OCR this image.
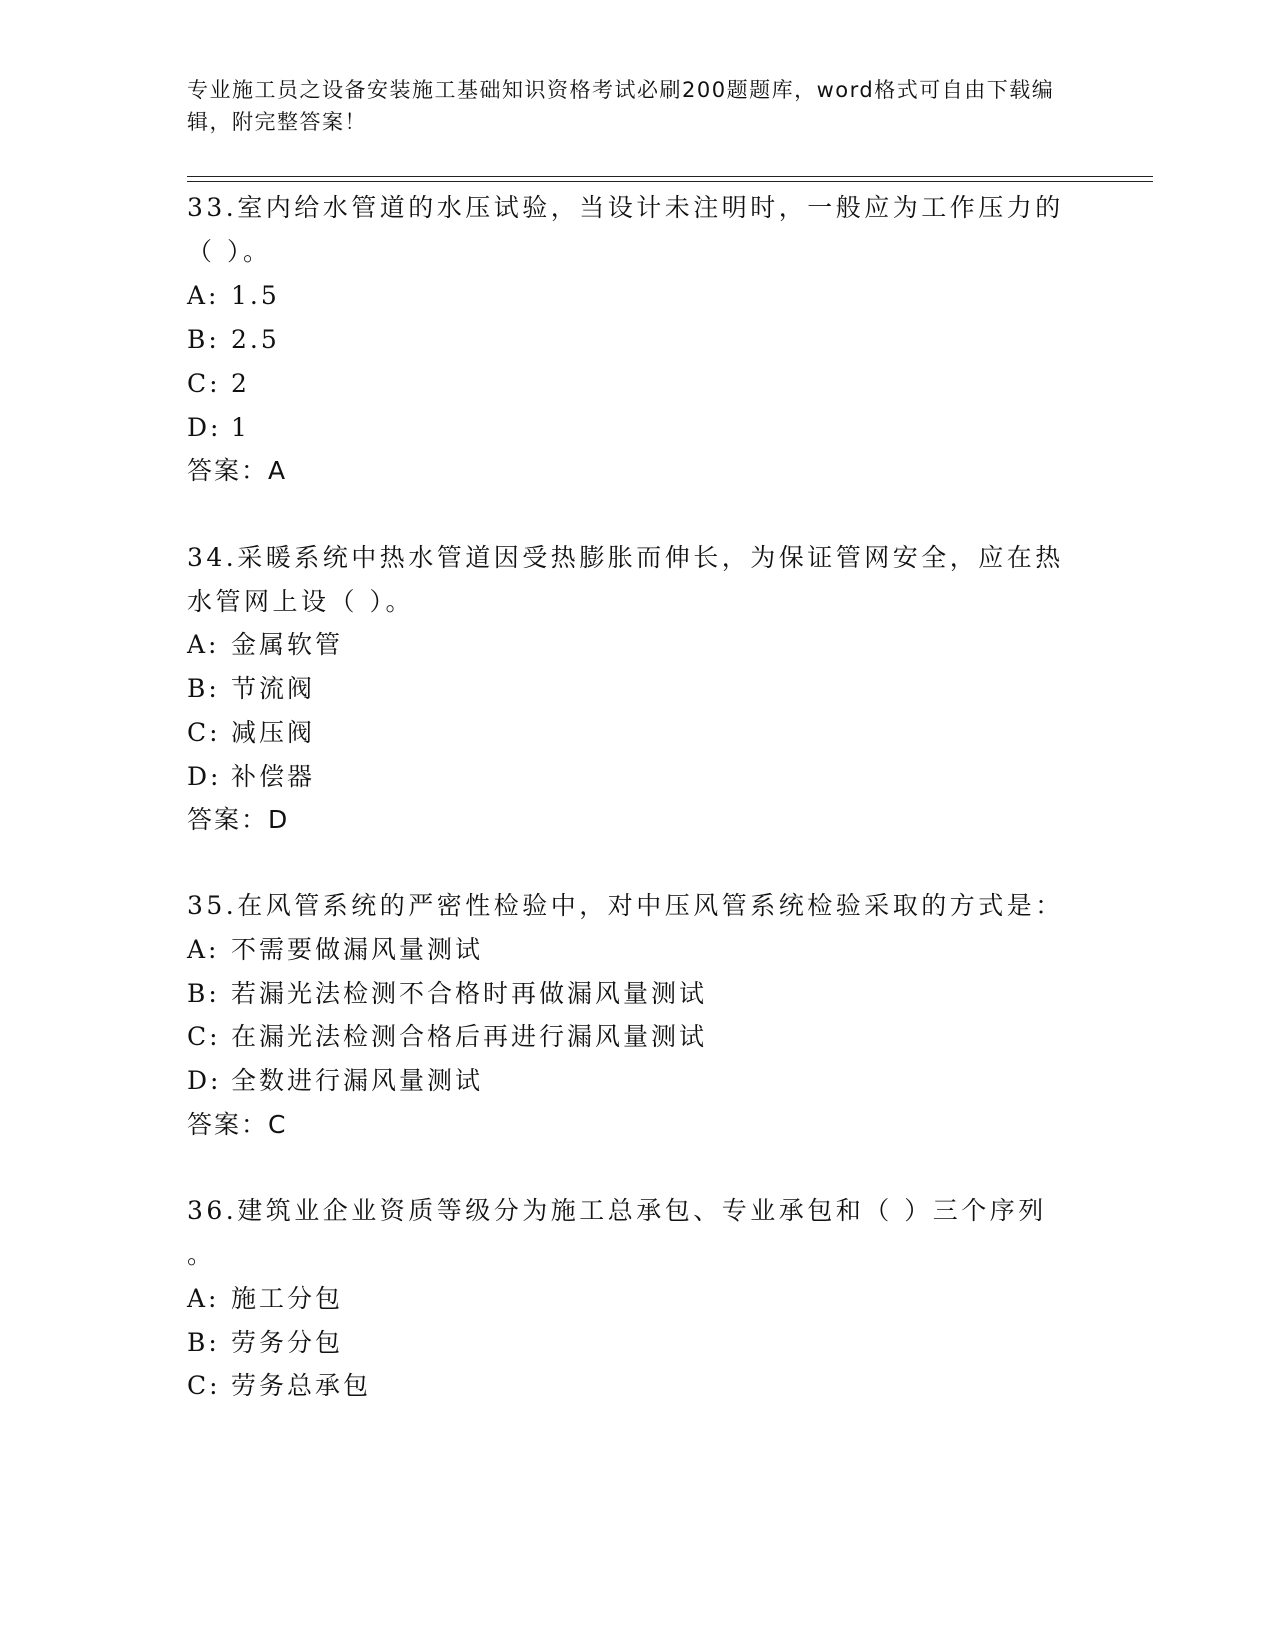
专业施工员之设备安装施工基础知识资格考试必刷200题题库，word格式可自由下载编辑，附完整答案！
33.室内给水管道的水压试验，当设计未注明时，一般应为工作压力的（ ）。
A: 1.5
B: 2.5
C: 2
D: 1
答案：A
34.采暖系统中热水管道因受热膨胀而伸长，为保证管网安全，应在热水管网上设（ ）。
A: 金属软管
B: 节流阀
C: 减压阀
D: 补偿器
答案：D
35.在风管系统的严密性检验中，对中压风管系统检验采取的方式是：
A: 不需要做漏风量测试
B: 若漏光法检测不合格时再做漏风量测试
C: 在漏光法检测合格后再进行漏风量测试
D: 全数进行漏风量测试
答案：C
36.建筑业企业资质等级分为施工总承包、专业承包和（ ）三个序列
。
A: 施工分包
B: 劳务分包
C: 劳务总承包
